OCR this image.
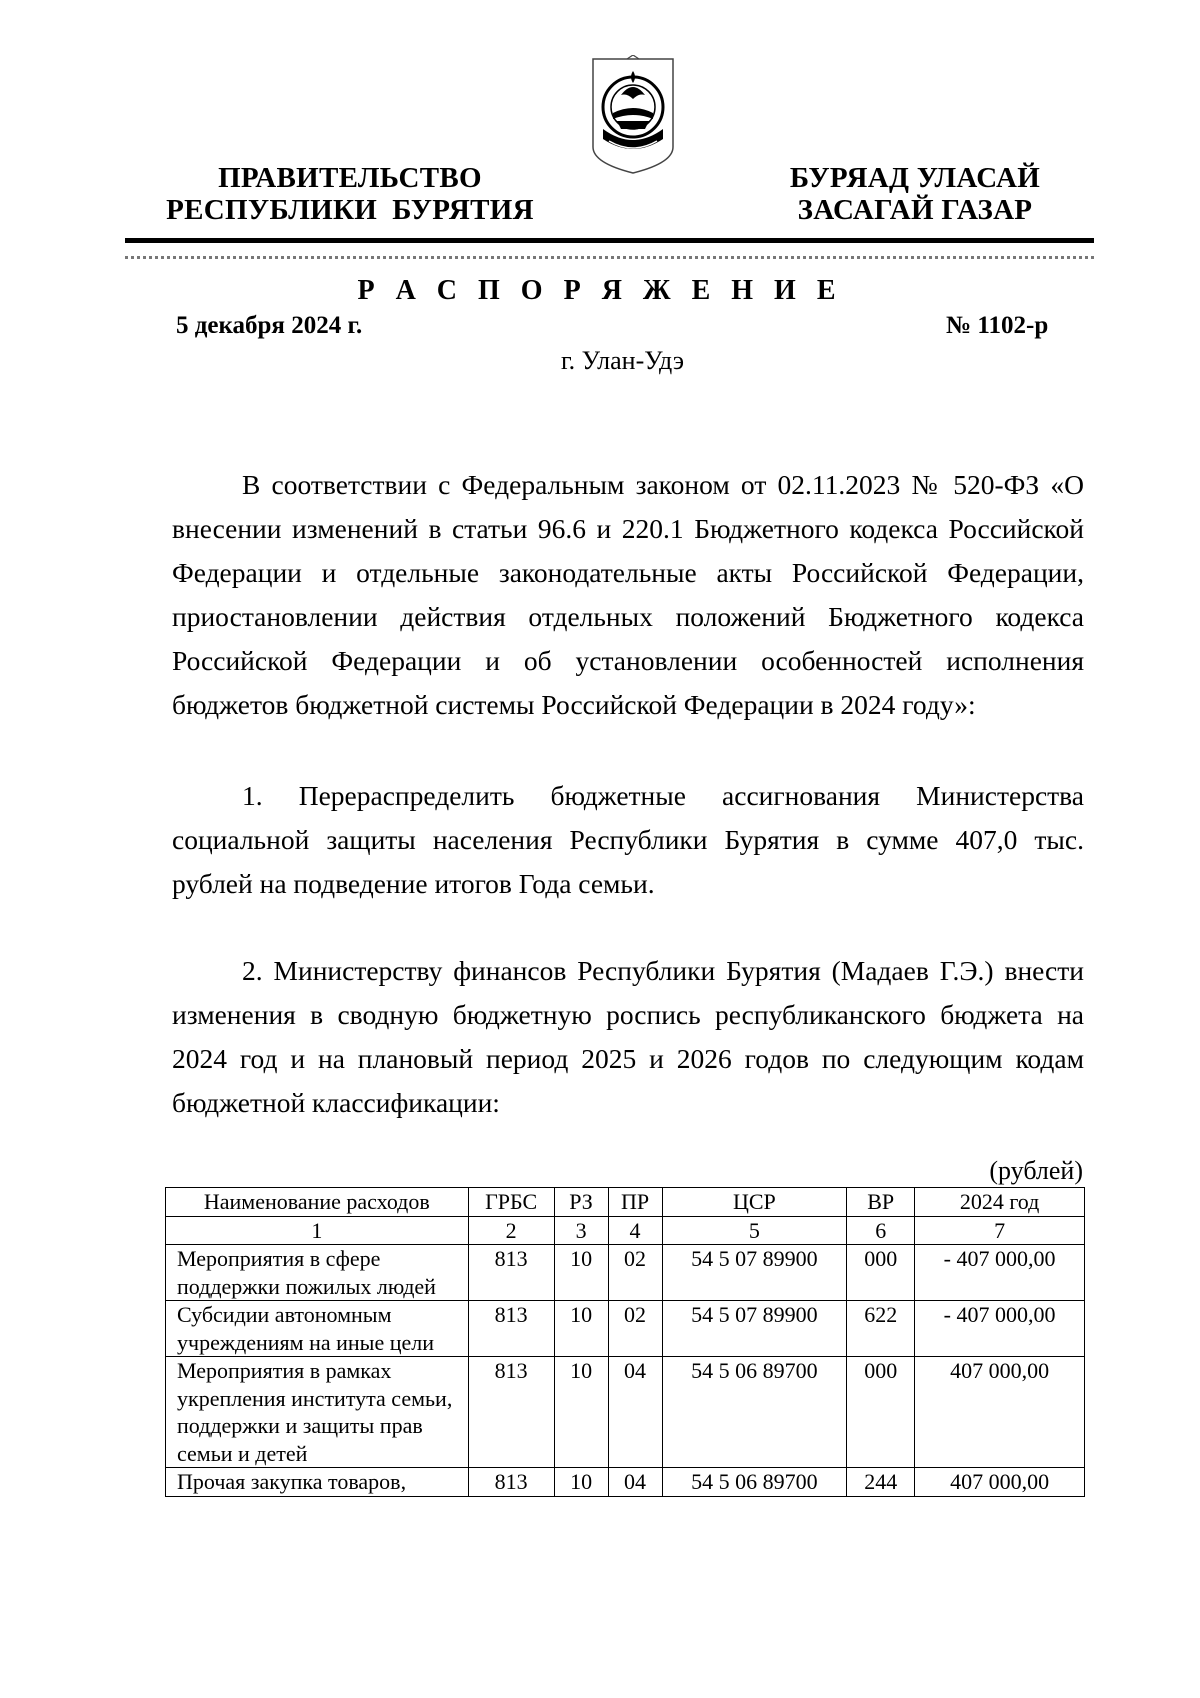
ПРАВИТЕЛЬСТВО
РЕСПУБЛИКИ  БУРЯТИЯ
БУРЯАД УЛАСАЙ
ЗАСАГАЙ ГАЗАР
Р А С П О Р Я Ж Е Н И Е
5 декабря 2024 г.	№ 1102-р
г. Улан-Удэ

В соответствии с Федеральным законом от 02.11.2023 № 520-ФЗ «О внесении изменений в статьи 96.6 и 220.1 Бюджетного кодекса Российской Федерации и отдельные законодательные акты Российской Федерации, приостановлении действия отдельных положений Бюджетного кодекса Российской Федерации и об установлении особенностей исполнения бюджетов бюджетной системы Российской Федерации в 2024 году»:

1. Перераспределить бюджетные ассигнования Министерства социальной защиты населения Республики Бурятия в сумме 407,0 тыс. рублей на подведение итогов Года семьи.

2. Министерству финансов Республики Бурятия (Мадаев Г.Э.) внести изменения в сводную бюджетную роспись республиканского бюджета на 2024 год и на плановый период 2025 и 2026 годов по следующим кодам бюджетной классификации:

(рублей)
Наименование расходов	ГРБС	РЗ	ПР	ЦСР	ВР	2024 год
1	2	3	4	5	6	7
Мероприятия в сфере поддержки пожилых людей	813	10	02	54 5 07 89900	000	- 407 000,00
Субсидии автономным учреждениям на иные цели	813	10	02	54 5 07 89900	622	- 407 000,00
Мероприятия в рамках укрепления института семьи, поддержки и защиты прав семьи и детей	813	10	04	54 5 06 89700	000	407 000,00
Прочая закупка товаров,	813	10	04	54 5 06 89700	244	407 000,00
